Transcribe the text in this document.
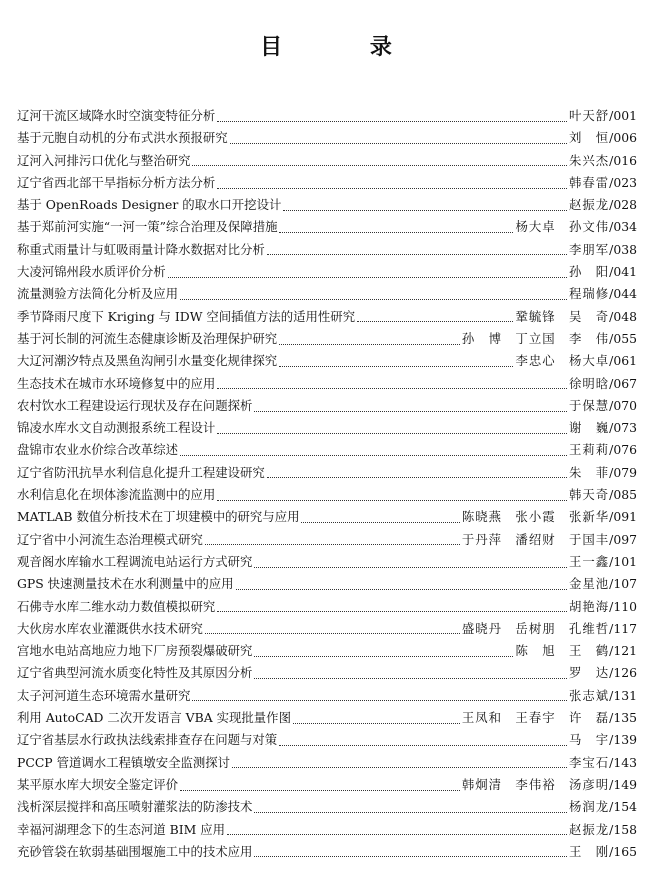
目 录
辽河干流区域降水时空演变特征分析	叶天舒 /001
基于元胞自动机的分布式洪水预报研究	刘　恒 /006
辽河入河排污口优化与整治研究	朱兴杰 /016
辽宁省西北部干旱指标分析方法分析	韩春雷 /023
基于 OpenRoads Designer 的取水口开挖设计	赵振龙 /028
基于郑前河实施“一河一策”综合治理及保障措施	杨大卓　孙文伟 /034
称重式雨量计与虹吸雨量计降水数据对比分析	李朋军 /038
大凌河锦州段水质评价分析	孙　阳 /041
流量测验方法简化分析及应用	程瑞修 /044
季节降雨尺度下 Kriging 与 IDW 空间插值方法的适用性研究	鞏毓锋　吴　奇 /048
基于河长制的河流生态健康诊断及治理保护研究	孙　博　丁立国　李　伟 /055
大辽河潮汐特点及黑鱼沟闸引水量变化规律探究	李忠心　杨大卓 /061
生态技术在城市水环境修复中的应用	徐明晗 /067
农村饮水工程建设运行现状及存在问题探析	于保慧 /070
锦凌水库水文自动测报系统工程设计	谢　巍 /073
盘锦市农业水价综合改革综述	王莉莉 /076
辽宁省防汛抗旱水利信息化提升工程建设研究	朱　菲 /079
水利信息化在坝体渗流监测中的应用	韩天奇 /085
MATLAB 数值分析技术在丁坝建模中的研究与应用	陈晓燕　张小霞　张新华 /091
辽宁省中小河流生态治理模式研究	于丹萍　潘绍财　于国丰 /097
观音阁水库输水工程调流电站运行方式研究	王一鑫 /101
GPS 快速测量技术在水利测量中的应用	金星池 /107
石佛寺水库二维水动力数值模拟研究	胡艳海 /110
大伙房水库农业灌溉供水技术研究	盛晓丹　岳树朋　孔维哲 /117
宫地水电站高地应力地下厂房预裂爆破研究	陈　旭　王　鹤 /121
辽宁省典型河流水质变化特性及其原因分析	罗　达 /126
太子河河道生态环境需水量研究	张志斌 /131
利用 AutoCAD 二次开发语言 VBA 实现批量作图	王凤和　王春宇　许　磊 /135
辽宁省基层水行政执法线索排查存在问题与对策	马　宇 /139
PCCP 管道调水工程镇墩安全监测探讨	李宝石 /143
某平原水库大坝安全鉴定评价	韩炯清　李伟裕　汤彦明 /149
浅析深层搅拌和高压喷射灌浆法的防渗技术	杨润龙 /154
幸福河湖理念下的生态河道 BIM 应用	赵振龙 /158
充砂管袋在软弱基础围堰施工中的技术应用	王　刚 /165
